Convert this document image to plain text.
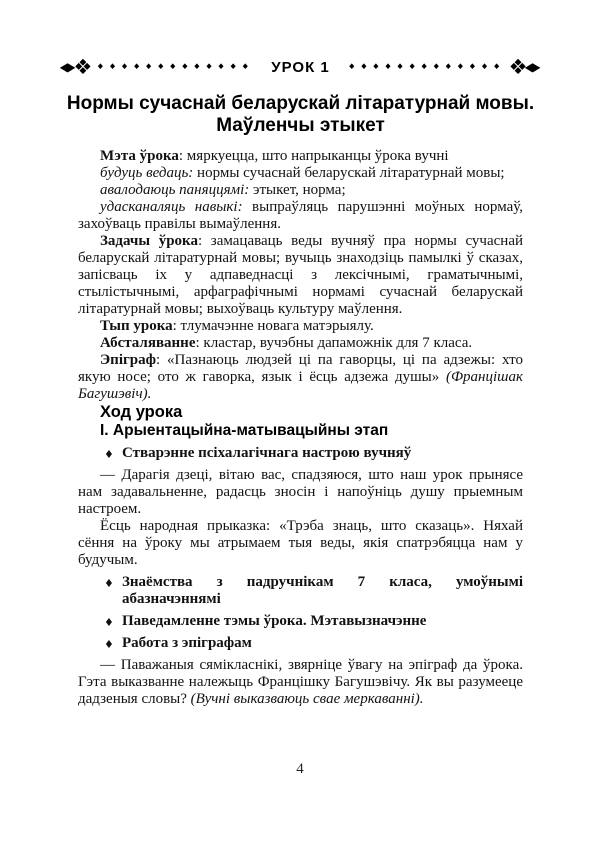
◆
❖ ♦♦♦♦♦♦♦♦♦♦♦♦♦ УРОК 1 ♦♦♦♦♦♦♦♦♦♦♦♦♦ ❖
◆
Нормы сучаснай беларускай літаратурнай мовы.
Маўленчы этыкет

Мэта ўрока: мяркуецца, што напрыканцы ўрока вучні

будуць ведаць: нормы сучаснай беларускай літаратурнай мовы;

авалодаюць паняццямі: этыкет, норма;

удасканаляць навыкі: выпраўляць парушэнні моўных нормаў, захоўваць правілы вымаўлення.

Задачы ўрока: замацаваць веды вучняў пра нормы сучаснай беларускай літаратурнай мовы; вучыць знаходзіць памылкі ў сказах, запісваць іх у адпаведнасці з лексічнымі, граматычнымі, стылістычнымі, арфаграфічнымі нормамі сучаснай беларускай літаратурнай мовы; выхоўваць культуру маўлення.

Тып урока: тлумачэнне новага матэрыялу.

Абсталяванне: кластар, вучэбны дапаможнік для 7 класа.

Эпіграф: «Пазнаюць людзей ці па гаворцы, ці па адзежы: хто якую носе; ото ж гаворка, язык і ёсць адзежа душы» (Францішак Багушэвіч).

Ход урока

I. Арыентацыйна-матывацыйны этап

♦ Стварэнне псіхалагічнага настрою вучняў

— Дарагія дзеці, вітаю вас, спадзяюся, што наш урок прынясе нам задавальненне, радасць зносін і напоўніць душу прыемным настроем.

Ёсць народная прыказка: «Трэба знаць, што сказаць». Няхай сёння на ўроку мы атрымаем тыя веды, якія спатрэбяцца нам у будучым.

♦ Знаёмства з падручнікам 7 класа, умоўнымі абазначэннямі

♦ Паведамленне тэмы ўрока. Мэтавызначэнне

♦ Работа з эпіграфам

— Паважаныя сямікласнікі, звярніце ўвагу на эпіграф да ўрока. Гэта выказванне належыць Францішку Багушэвічу. Як вы разумееце дадзеныя словы? (Вучні выказваюць свае меркаванні).

4
